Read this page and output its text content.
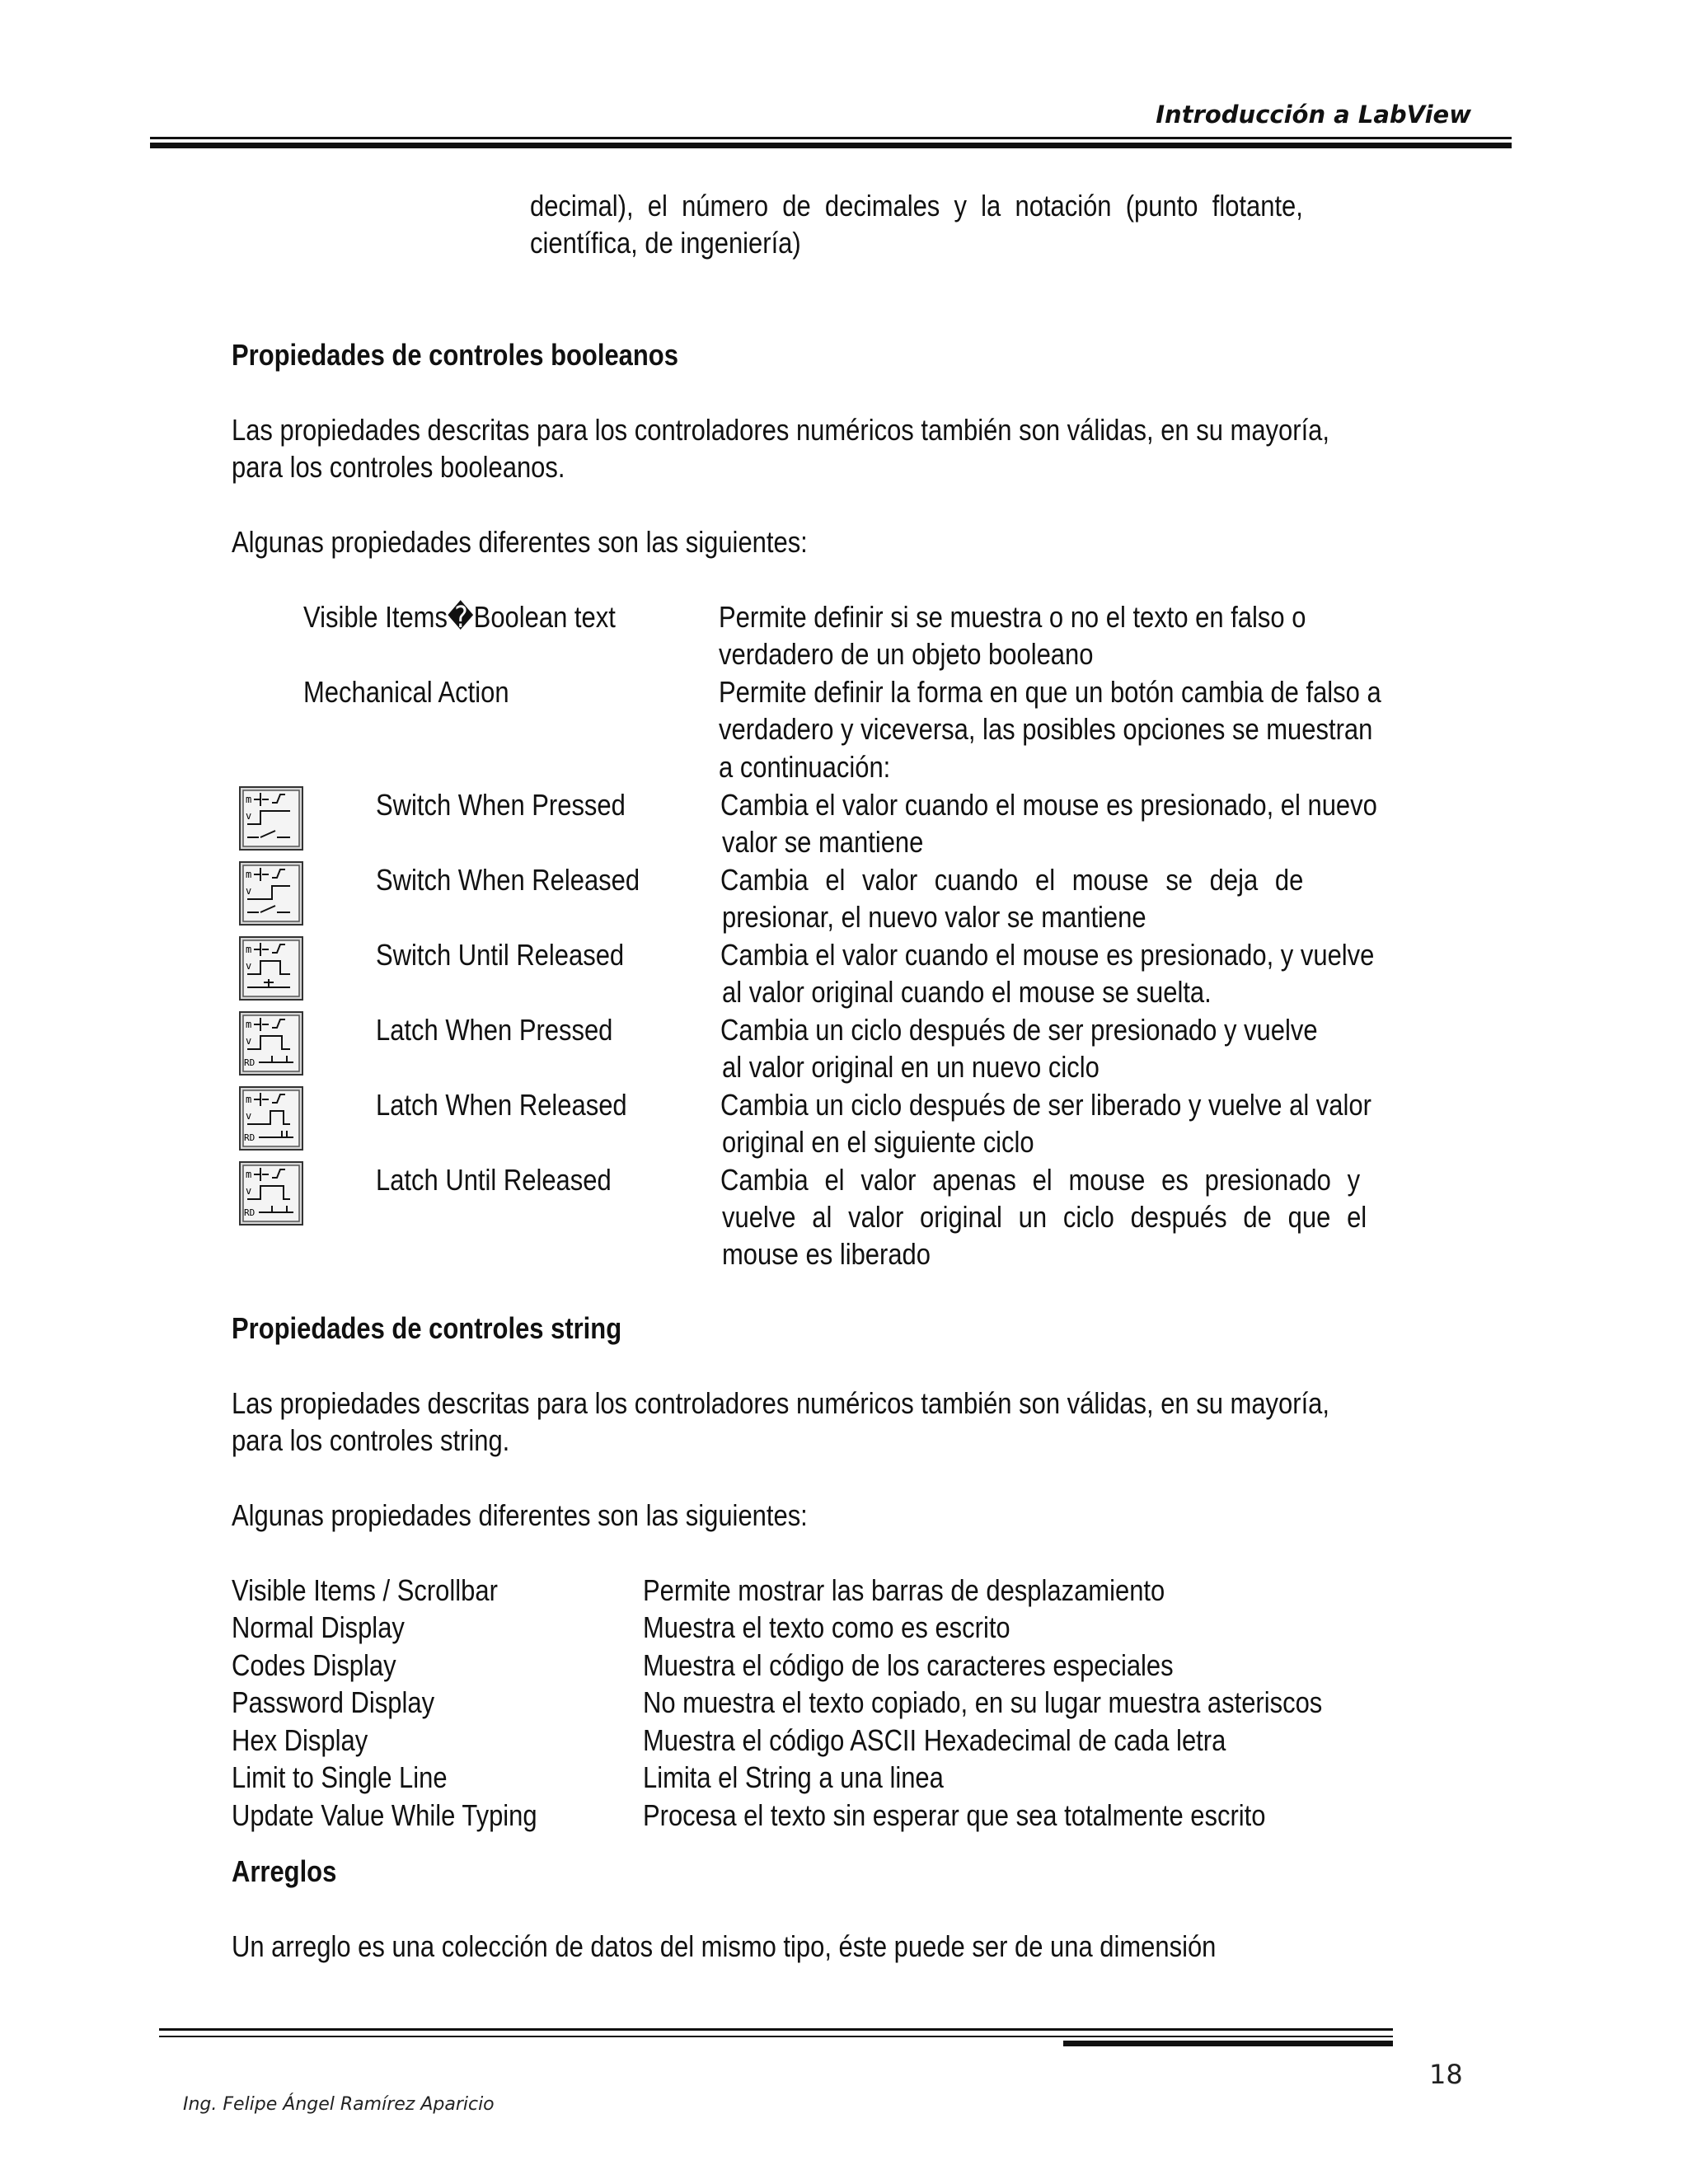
Introducción a LabView
decimal), el número de decimales y la notación (punto flotante,
científica, de ingeniería)
Propiedades de controles booleanos
Las propiedades descritas para los controladores numéricos también son válidas, en su mayoría,
para los controles booleanos.
Algunas propiedades diferentes son las siguientes:
Visible Items�Boolean text	Permite definir si se muestra o no el texto en falso o
verdadero de un objeto booleano
Mechanical Action	Permite definir la forma en que un botón cambia de falso a
verdadero y viceversa, las posibles opciones se muestran
a continuación:
m
v	Switch When Pressed	Cambia el valor cuando el mouse es presionado, el nuevo
valor se mantiene
m
v	Switch When Released	Cambia el valor cuando el mouse se deja de
presionar, el nuevo valor se mantiene
m
v	Switch Until Released	Cambia el valor cuando el mouse es presionado, y vuelve
al valor original cuando el mouse se suelta.
m
v
RD
Latch When Pressed	Cambia un ciclo después de ser presionado y vuelve
al valor original en un nuevo ciclo
m
v
RD
Latch When Released	Cambia un ciclo después de ser liberado y vuelve al valor
original en el siguiente ciclo
m
v
RD
Latch Until Released	Cambia el valor apenas el mouse es presionado y
vuelve al valor original un ciclo después de que el
mouse es liberado
Propiedades de controles string
Las propiedades descritas para los controladores numéricos también son válidas, en su mayoría,
para los controles string.
Algunas propiedades diferentes son las siguientes:
Visible Items / Scrollbar	Permite mostrar las barras de desplazamiento
Normal Display	Muestra el texto como es escrito
Codes Display	Muestra el código de los caracteres especiales
Password Display	No muestra el texto copiado, en su lugar muestra asteriscos
Hex Display	Muestra el código ASCII Hexadecimal de cada letra
Limit to Single Line	Limita el String a una linea
Update Value While Typing	Procesa el texto sin esperar que sea totalmente escrito
Arreglos
Un arreglo es una colección de datos del mismo tipo, éste puede ser de una dimensión
18
Ing. Felipe Ángel Ramírez Aparicio
